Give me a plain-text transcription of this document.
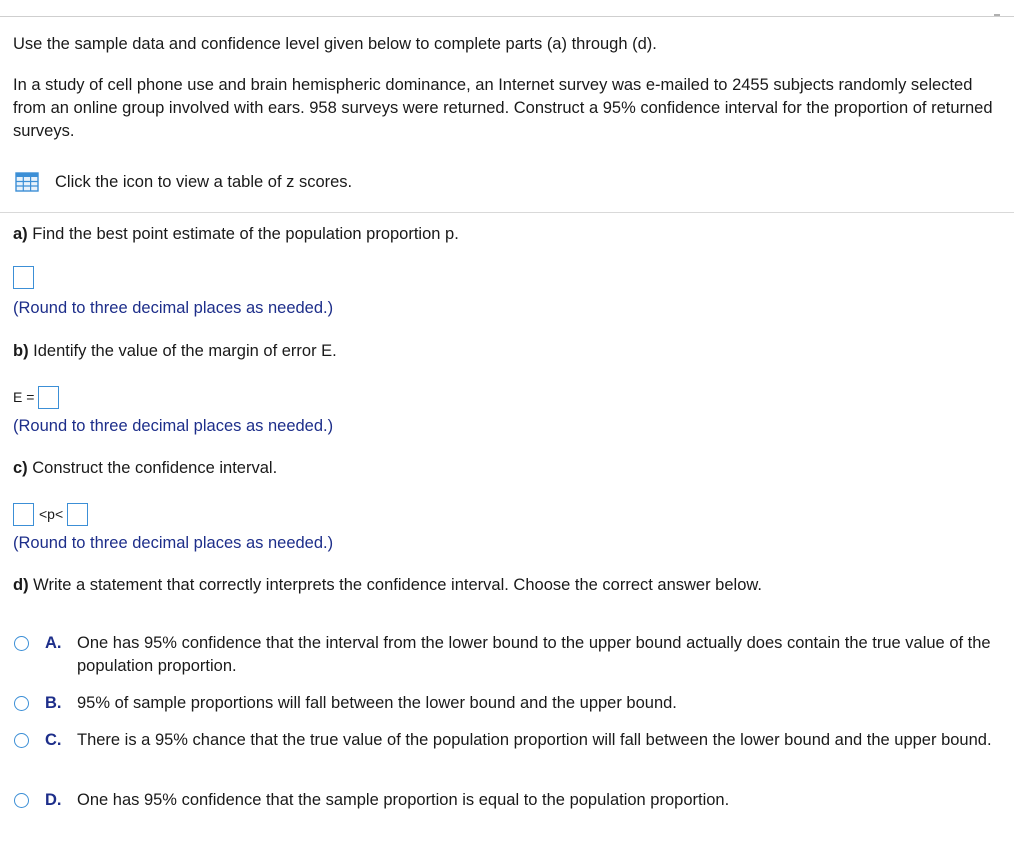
Use the sample data and confidence level given below to complete parts (a) through (d).
In a study of cell phone use and brain hemispheric dominance, an Internet survey was e-mailed to 2455 subjects randomly selected from an online group involved with ears. 958 surveys were returned. Construct a 95% confidence interval for the proportion of returned surveys.
Click the icon to view a table of z scores.
a) Find the best point estimate of the population proportion p.
(Round to three decimal places as needed.)
b) Identify the value of the margin of error E.
E =
(Round to three decimal places as needed.)
c) Construct the confidence interval.
<p<
(Round to three decimal places as needed.)
d) Write a statement that correctly interprets the confidence interval. Choose the correct answer below.
A. One has 95% confidence that the interval from the lower bound to the upper bound actually does contain the true value of the population proportion.
B. 95% of sample proportions will fall between the lower bound and the upper bound.
C. There is a 95% chance that the true value of the population proportion will fall between the lower bound and the upper bound.
D. One has 95% confidence that the sample proportion is equal to the population proportion.
